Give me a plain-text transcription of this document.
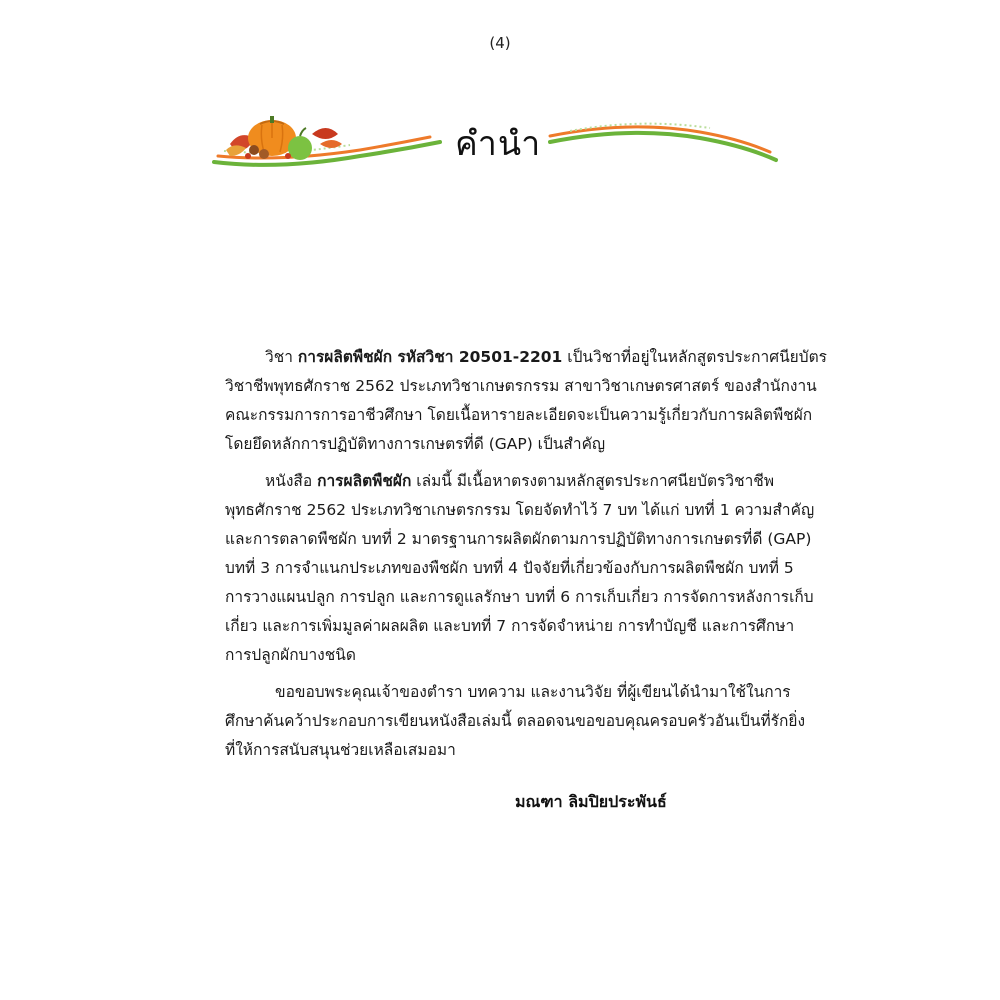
(4)
คำนำ

วิชา การผลิตพืชผัก รหัสวิชา 20501-2201 เป็นวิชาที่อยู่ในหลักสูตรประกาศนียบัตร
วิชาชีพพุทธศักราช 2562 ประเภทวิชาเกษตรกรรม สาขาวิชาเกษตรศาสตร์ ของสำนักงาน
คณะกรรมการการอาชีวศึกษา โดยเนื้อหารายละเอียดจะเป็นความรู้เกี่ยวกับการผลิตพืชผัก
โดยยึดหลักการปฏิบัติทางการเกษตรที่ดี (GAP) เป็นสำคัญ

หนังสือ การผลิตพืชผัก เล่มนี้ มีเนื้อหาตรงตามหลักสูตรประกาศนียบัตรวิชาชีพ
พุทธศักราช 2562 ประเภทวิชาเกษตรกรรม โดยจัดทำไว้ 7 บท ได้แก่ บทที่ 1 ความสำคัญ
และการตลาดพืชผัก บทที่ 2 มาตรฐานการผลิตผักตามการปฏิบัติทางการเกษตรที่ดี (GAP)
บทที่ 3 การจำแนกประเภทของพืชผัก บทที่ 4 ปัจจัยที่เกี่ยวข้องกับการผลิตพืชผัก บทที่ 5
การวางแผนปลูก การปลูก และการดูแลรักษา บทที่ 6 การเก็บเกี่ยว การจัดการหลังการเก็บ
เกี่ยว และการเพิ่มมูลค่าผลผลิต และบทที่ 7 การจัดจำหน่าย การทำบัญชี และการศึกษา
การปลูกผักบางชนิด

ขอขอบพระคุณเจ้าของตำรา บทความ และงานวิจัย ที่ผู้เขียนได้นำมาใช้ในการ
ศึกษาค้นคว้าประกอบการเขียนหนังสือเล่มนี้ ตลอดจนขอขอบคุณครอบครัวอันเป็นที่รักยิ่ง
ที่ให้การสนับสนุนช่วยเหลือเสมอมา

มณฑา ลิมปิยประพันธ์
